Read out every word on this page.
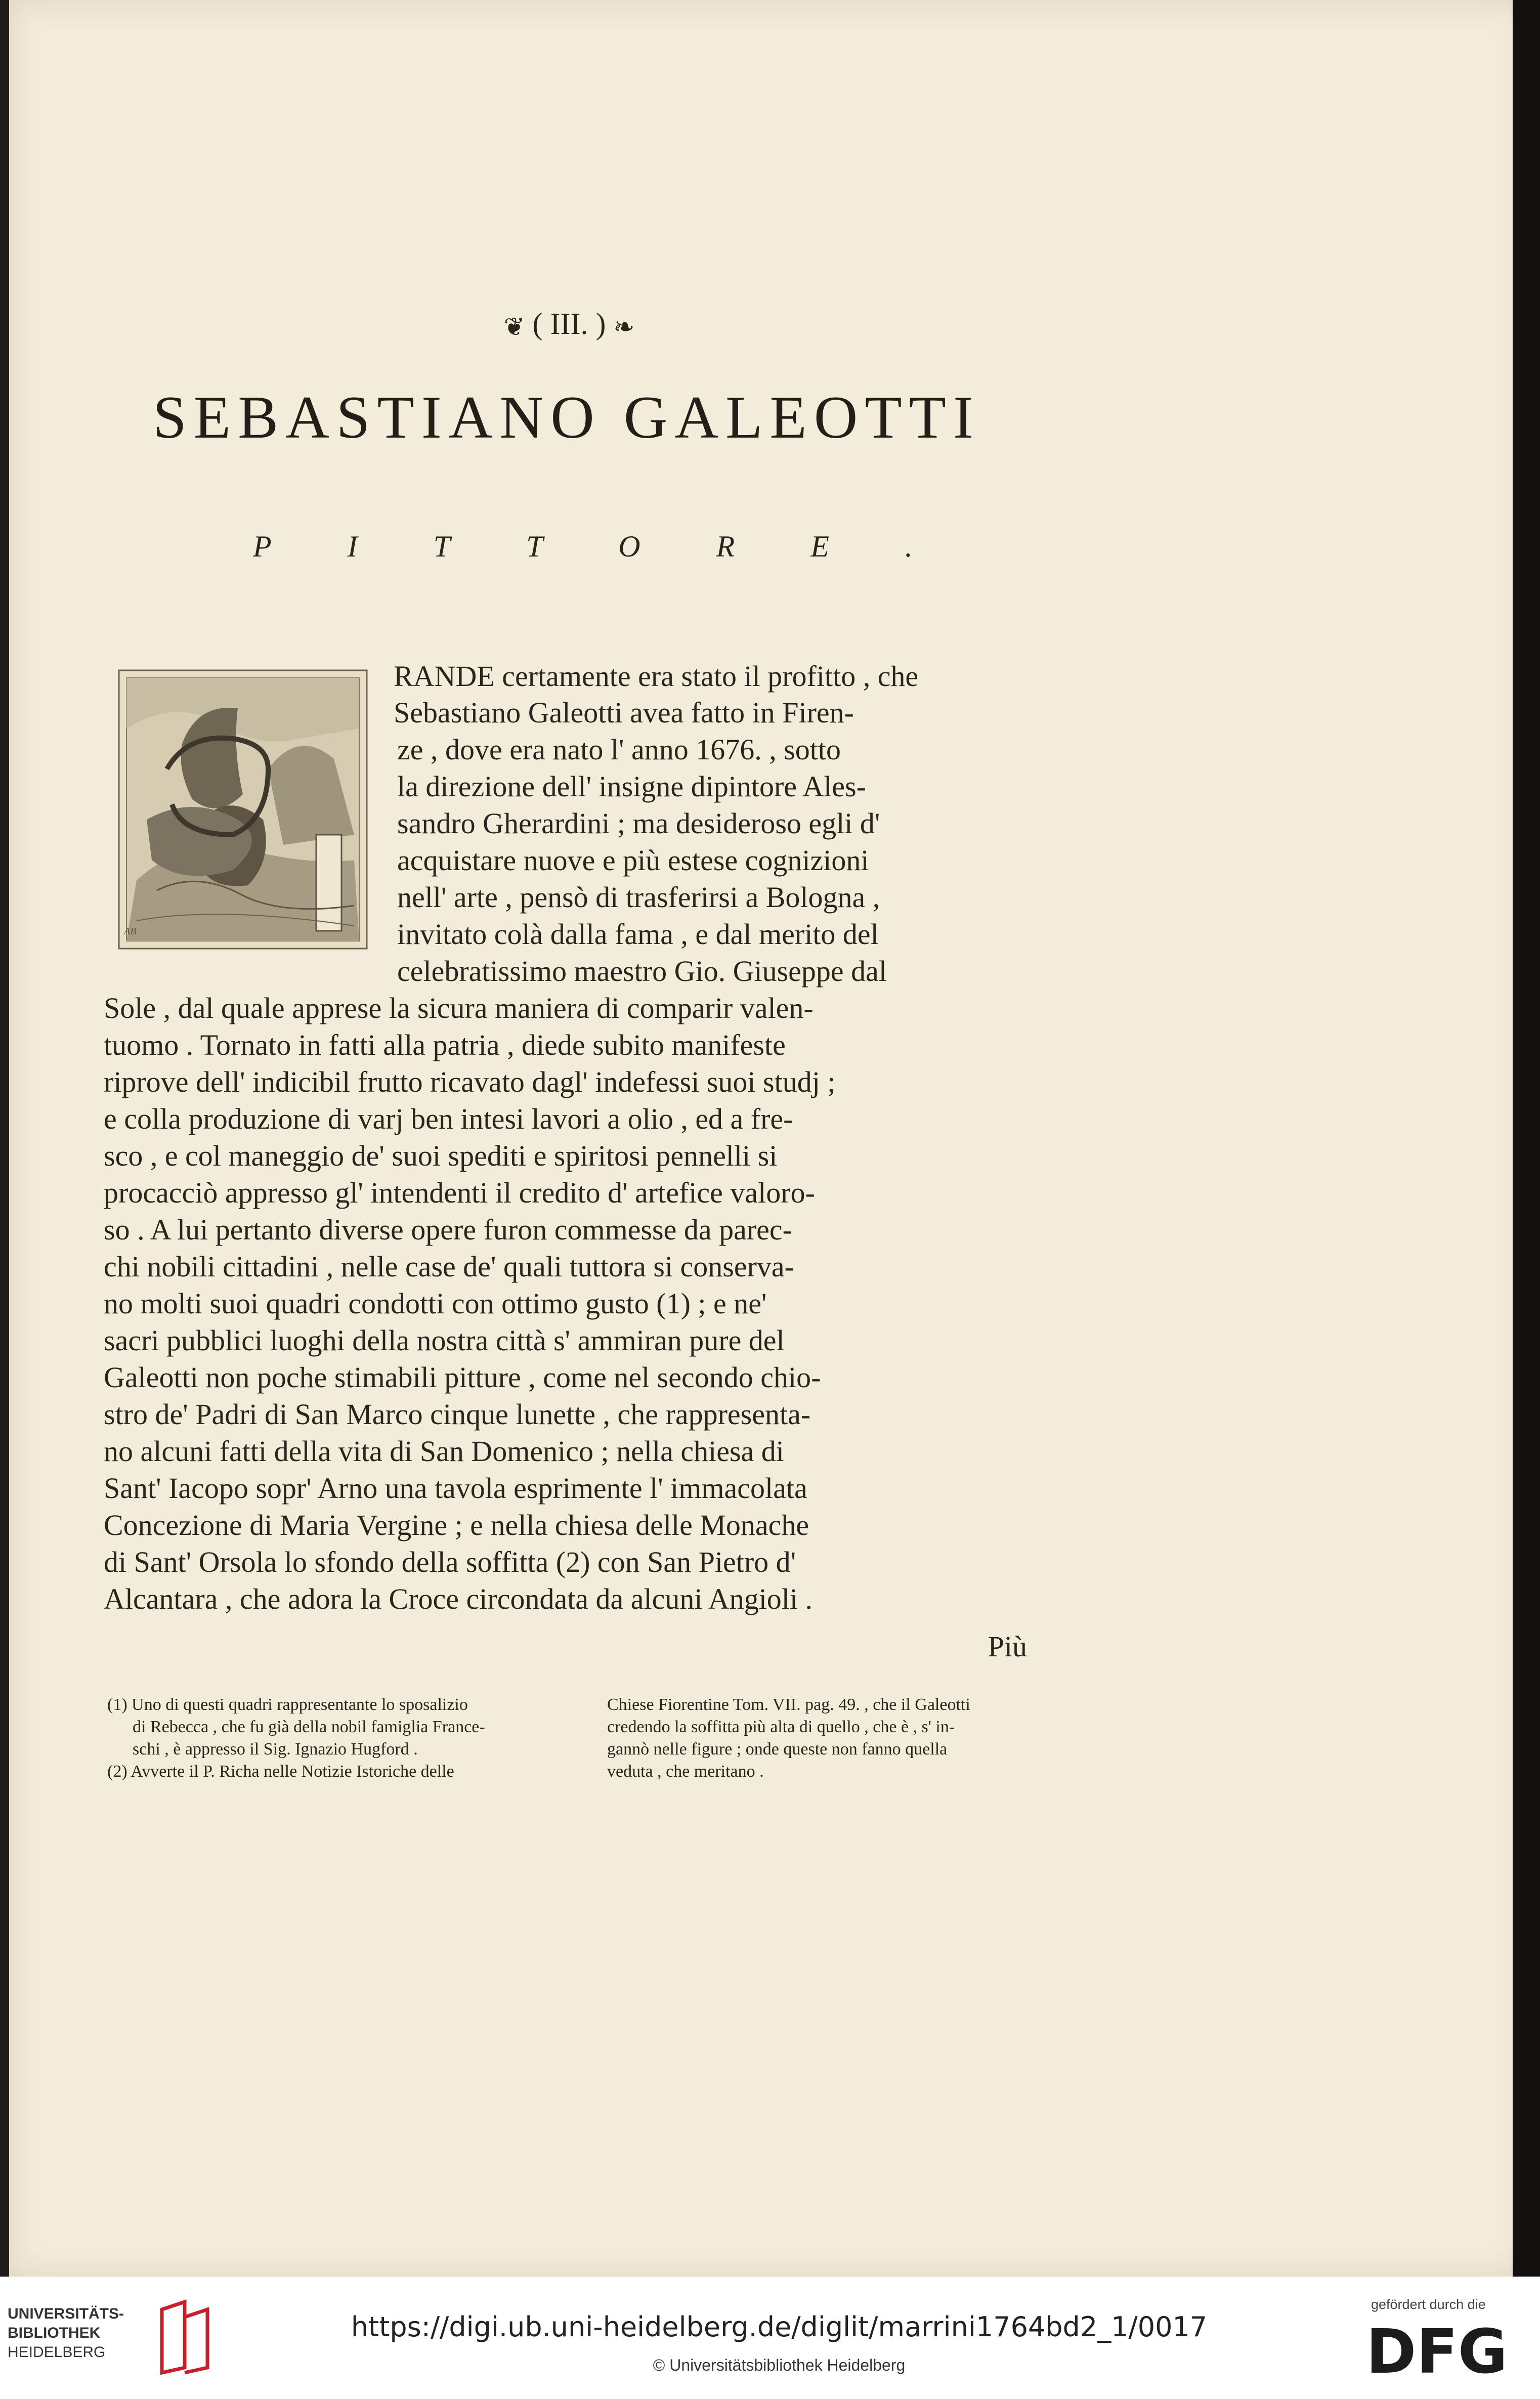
❦ ( III. ) ❧
SEBASTIANO GALEOTTI
PITTORE.
AB
RANDE certamente era stato il profitto , che
Sebastiano Galeotti avea fatto in Firen-
ze , dove era nato l' anno 1676. , sotto
la direzione dell' insigne dipintore Ales-
sandro Gherardini ; ma desideroso egli d'
acquistare nuove e più estese cognizioni
nell' arte , pensò di trasferirsi a Bologna ,
invitato colà dalla fama , e dal merito del
celebratissimo maestro Gio. Giuseppe dal
Sole , dal quale apprese la sicura maniera di comparir valen-
tuomo . Tornato in fatti alla patria , diede subito manifeste
riprove dell' indicibil frutto ricavato dagl' indefessi suoi studj ;
e colla produzione di varj ben intesi lavori a olio , ed a fre-
sco , e col maneggio de' suoi spediti e spiritosi pennelli si
procacciò appresso gl' intendenti il credito d' artefice valoro-
so . A lui pertanto diverse opere furon commesse da parec-
chi nobili cittadini , nelle case de' quali tuttora si conserva-
no molti suoi quadri condotti con ottimo gusto (1) ; e ne'
sacri pubblici luoghi della nostra città s' ammiran pure del
Galeotti non poche stimabili pitture , come nel secondo chio-
stro de' Padri di San Marco cinque lunette , che rappresenta-
no alcuni fatti della vita di San Domenico ; nella chiesa di
Sant' Iacopo sopr' Arno una tavola esprimente l' immacolata
Concezione di Maria Vergine ; e nella chiesa delle Monache
di Sant' Orsola lo sfondo della soffitta (2) con San Pietro d'
Alcantara , che adora la Croce circondata da alcuni Angioli .
Più
(1) Uno di questi quadri rappresentante lo sposalizio
di Rebecca , che fu già della nobil famiglia France-
schi , è appresso il Sig. Ignazio Hugford .
(2) Avverte il P. Richa nelle Notizie Istoriche delle
Chiese Fiorentine Tom. VII. pag. 49. , che il Galeotti
credendo la soffitta più alta di quello , che è , s' in-
gannò nelle figure ; onde queste non fanno quella
veduta , che meritano .
UNIVERSITÄTS-
BIBLIOTHEK
HEIDELBERG
https://digi.ub.uni-heidelberg.de/diglit/marrini1764bd2_1/0017
© Universitätsbibliothek Heidelberg
gefördert durch die
DFG
